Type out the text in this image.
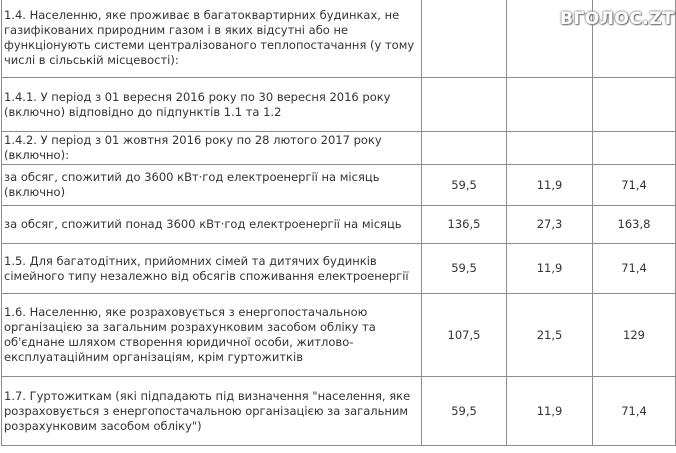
1.4. Населенню, яке проживає в багатоквартирних будинках, не газифікованих природним газом і в яких відсутні або не функціонують системи централізованого теплопостачання (у тому числі в сільській місцевості):			
1.4.1. У період з 01 вересня 2016 року по 30 вересня 2016 року (включно) відповідно до підпунктів 1.1 та 1.2			
1.4.2. У період з 01 жовтня 2016 року по 28 лютого 2017 року (включно):			
за обсяг, спожитий до 3600 кВт·год електроенергії на місяць (включно)	59,5	11,9	71,4
за обсяг, спожитий понад 3600 кВт·год електроенергії на місяць	136,5	27,3	163,8
1.5. Для багатодітних, прийомних сімей та дитячих будинків сімейного типу незалежно від обсягів споживання електроенергії	59,5	11,9	71,4
1.6. Населенню, яке розраховується з енергопостачальною організацією за загальним розрахунковим засобом обліку та об'єднане шляхом створення юридичної особи, житлово-експлуатаційним організаціям, крім гуртожитків	107,5	21,5	129
1.7. Гуртожиткам (які підпадають під визначення "населення, яке розраховується з енергопостачальною організацією за загальним розрахунковим засобом обліку")	59,5	11,9	71,4
ВГОЛОС.ZT
